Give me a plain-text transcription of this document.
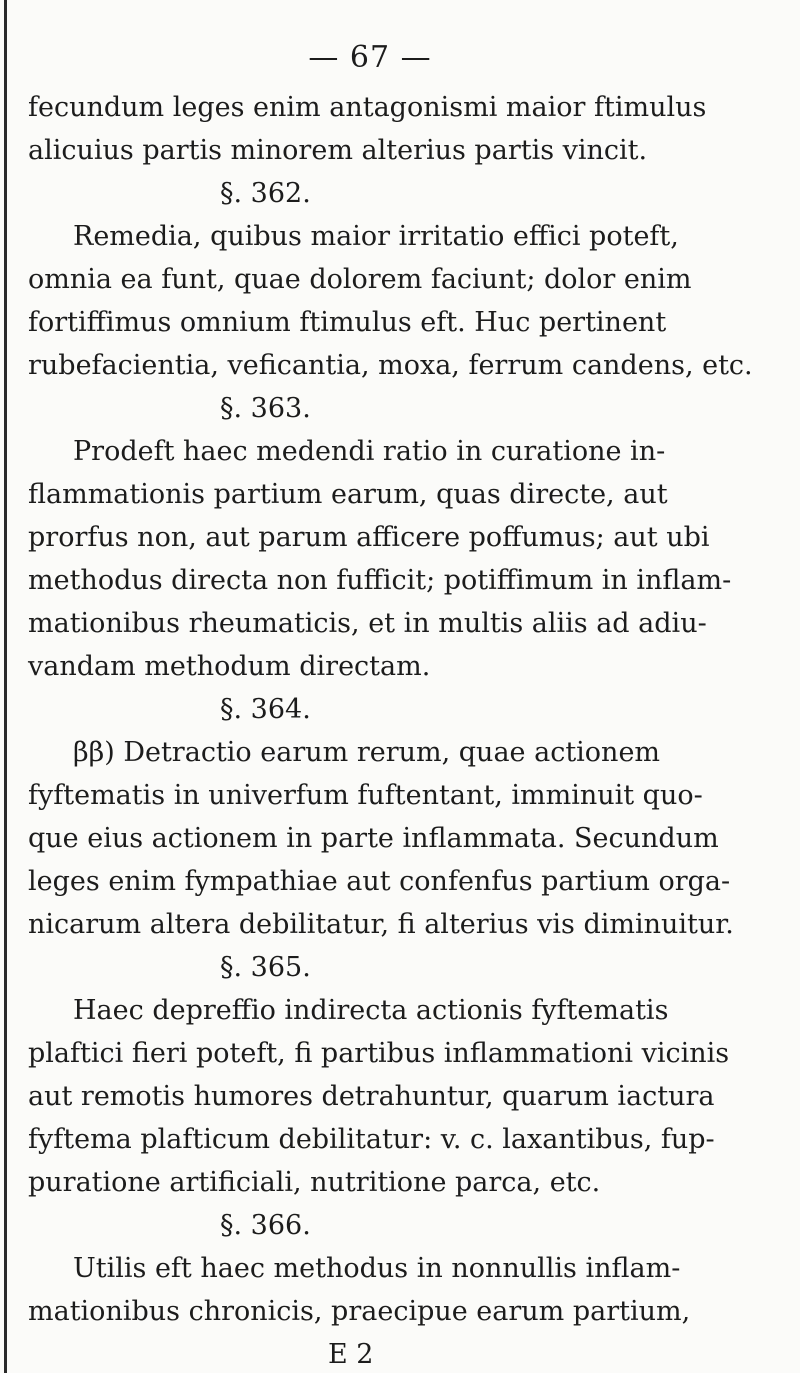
— 67 —
fecundum leges enim antagonismi maior ftimulus
alicuius partis minorem alterius partis vincit.
§. 362.
Remedia, quibus maior irritatio effici poteft,
omnia ea funt, quae dolorem faciunt; dolor enim
fortiffimus omnium ftimulus eft. Huc pertinent
rubefacientia, veficantia, moxa, ferrum candens, etc.
§. 363.
Prodeft haec medendi ratio in curatione in-
flammationis partium earum, quas directe, aut
prorfus non, aut parum afficere poffumus; aut ubi
methodus directa non fufficit; potiffimum in inflam-
mationibus rheumaticis, et in multis aliis ad adiu-
vandam methodum directam.
§. 364.
ββ) Detractio earum rerum, quae actionem
fyftematis in univerfum fuftentant, imminuit quo-
que eius actionem in parte inflammata. Secundum
leges enim fympathiae aut confenfus partium orga-
nicarum altera debilitatur, fi alterius vis diminuitur.
§. 365.
Haec depreffio indirecta actionis fyftematis
plaftici fieri poteft, fi partibus inflammationi vicinis
aut remotis humores detrahuntur, quarum iactura
fyftema plafticum debilitatur: v. c. laxantibus, fup-
puratione artificiali, nutritione parca, etc.
§. 366.
Utilis eft haec methodus in nonnullis inflam-
mationibus chronicis, praecipue earum partium,
E 2
